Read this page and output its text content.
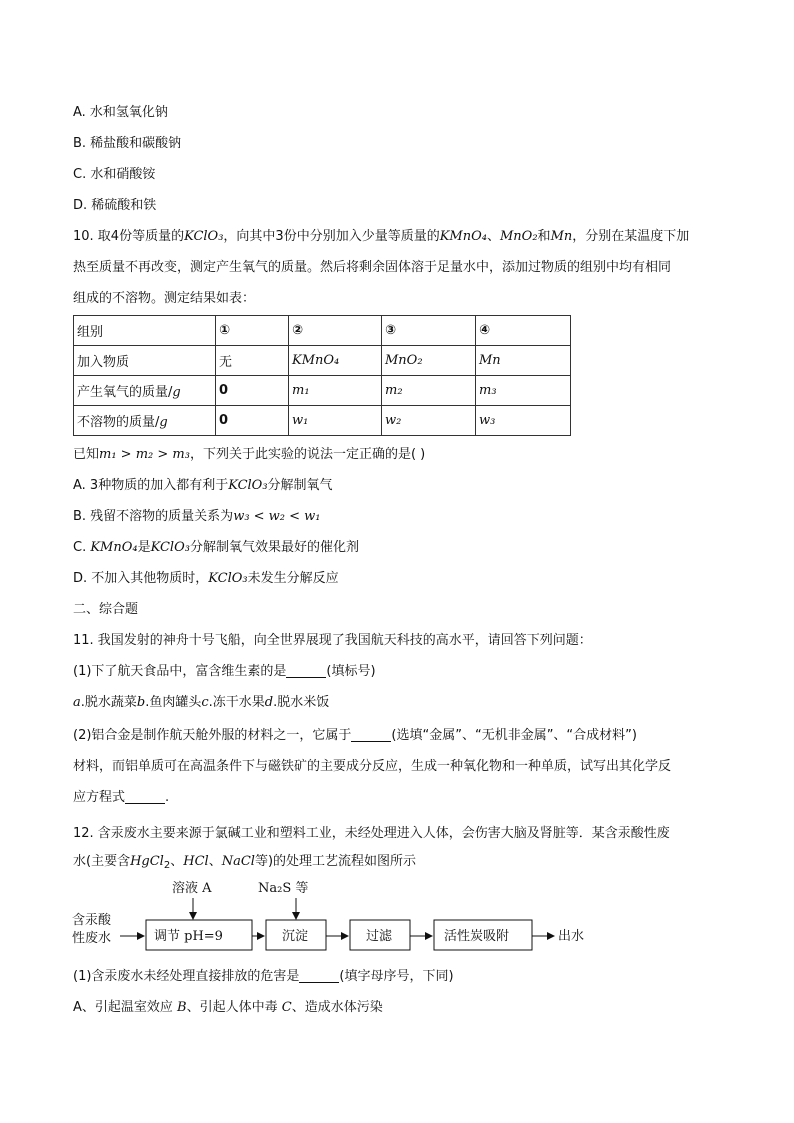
A. 水和氢氧化钠
B. 稀盐酸和碳酸钠
C. 水和硝酸铵
D. 稀硫酸和铁
10. 取4份等质量的KClO₃，向其中3份中分别加入少量等质量的KMnO₄、MnO₂和Mn，分别在某温度下加
热至质量不再改变，测定产生氧气的质量。然后将剩余固体溶于足量水中，添加过物质的组别中均有相同
组成的不溶物。测定结果如表：
组别	①	②	③	④
加入物质	无	KMnO₄	MnO₂	Mn
产生氧气的质量/g	0	m₁	m₂	m₃
不溶物的质量/g	0	w₁	w₂	w₃
已知m₁ > m₂ > m₃，下列关于此实验的说法一定正确的是( )
A. 3种物质的加入都有利于KClO₃分解制氧气
B. 残留不溶物的质量关系为w₃ < w₂ < w₁
C. KMnO₄是KClO₃分解制氧气效果最好的催化剂
D. 不加入其他物质时，KClO₃未发生分解反应
二、综合题
11. 我国发射的神舟十号飞船，向全世界展现了我国航天科技的高水平，请回答下列问题：
(1)下了航天食品中，富含维生素的是	(填标号)
a.脱水蔬菜b.鱼肉罐头c.冻干水果d.脱水米饭
(2)铝合金是制作航天舱外服的材料之一，它属于	(选填“金属”、“无机非金属”、“合成材料”)
材料，而铝单质可在高温条件下与磁铁矿的主要成分反应，生成一种氧化物和一种单质，试写出其化学反
应方程式	.
12. 含汞废水主要来源于氯碱工业和塑料工业，未经处理进入人体，会伤害大脑及肾脏等．某含汞酸性废
水(主要含HgCl$_2$、HCl、NaCl等)的处理工艺流程如图所示
含汞酸
性废水
溶液 A
调节 pH=9
Na₂S 等
沉淀	过滤	活性炭吸附	出水
(1)含汞废水未经处理直接排放的危害是	(填字母序号，下同)
A、引起温室效应 B、引起人体中毒 C、造成水体污染
